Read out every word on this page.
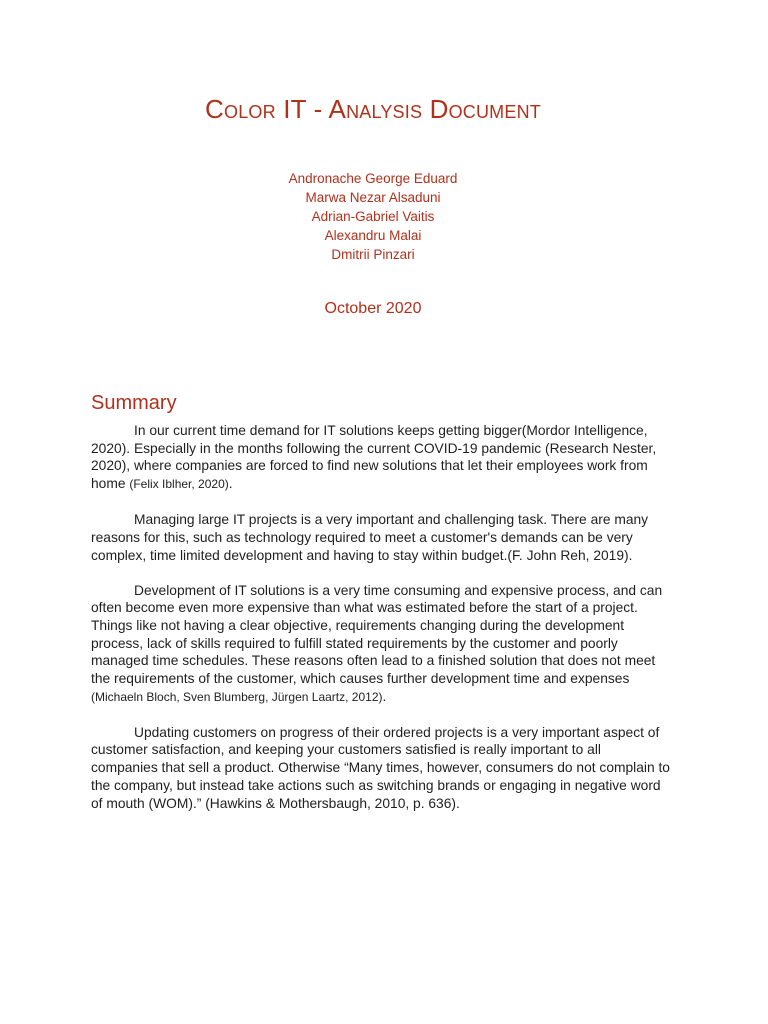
Color IT - Analysis Document
Andronache George Eduard
Marwa Nezar Alsaduni
Adrian-Gabriel Vaitis
Alexandru Malai
Dmitrii Pinzari

October 2020

Summary

In our current time demand for IT solutions keeps getting bigger(Mordor Intelligence, 2020). Especially in the months following the current COVID-19 pandemic (Research Nester, 2020), where companies are forced to find new solutions that let their employees work from home (Felix Iblher, 2020).

Managing large IT projects is a very important and challenging task. There are many reasons for this, such as technology required to meet a customer's demands can be very complex, time limited development and having to stay within budget.(F. John Reh, 2019).

Development of IT solutions is a very time consuming and expensive process, and can often become even more expensive than what was estimated before the start of a project. Things like not having a clear objective, requirements changing during the development process, lack of skills required to fulfill stated requirements by the customer and poorly managed time schedules. These reasons often lead to a finished solution that does not meet the requirements of the customer, which causes further development time and expenses (Michaeln Bloch, Sven Blumberg, Jürgen Laartz, 2012).

Updating customers on progress of their ordered projects is a very important aspect of customer satisfaction, and keeping your customers satisfied is really important to all companies that sell a product. Otherwise “Many times, however, consumers do not complain to the company, but instead take actions such as switching brands or engaging in negative word of mouth (WOM).” (Hawkins & Mothersbaugh, 2010, p. 636).
